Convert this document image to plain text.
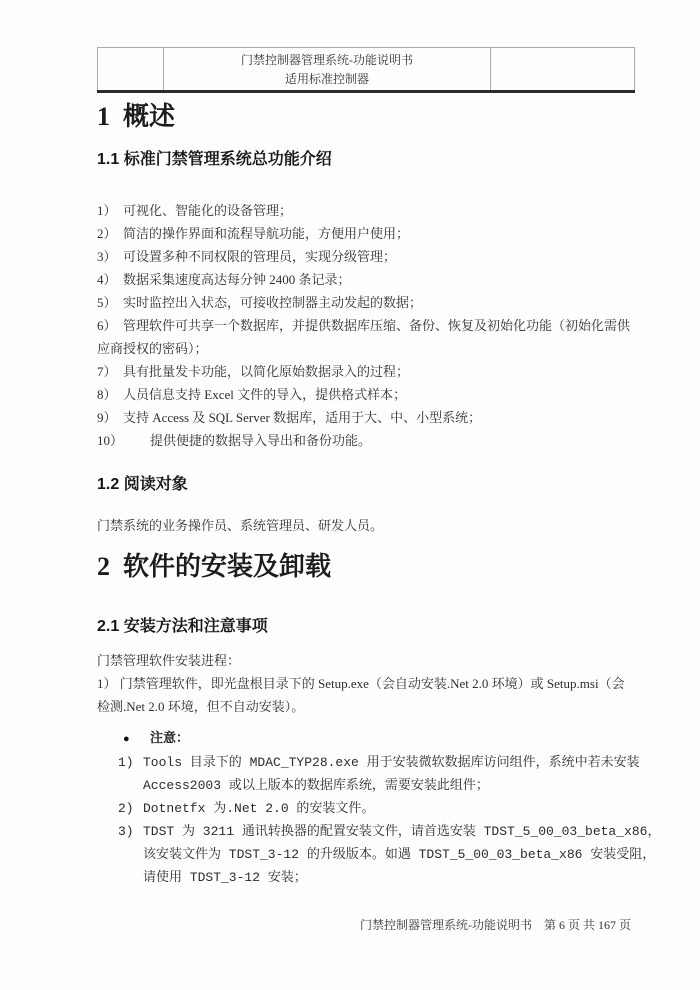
门禁控制器管理系统-功能说明书
适用标准控制器
1  概述
1.1 标准门禁管理系统总功能介绍
1） 可视化、智能化的设备管理；
2） 简洁的操作界面和流程导航功能，方便用户使用；
3） 可设置多种不同权限的管理员，实现分级管理；
4） 数据采集速度高达每分钟 2400 条记录；
5） 实时监控出入状态，可接收控制器主动发起的数据；
6） 管理软件可共享一个数据库，并提供数据库压缩、备份、恢复及初始化功能（初始化需供应商授权的密码）；
7） 具有批量发卡功能，以简化原始数据录入的过程；
8） 人员信息支持 Excel 文件的导入，提供格式样本；
9） 支持 Access 及 SQL Server 数据库，适用于大、中、小型系统；
10） 提供便捷的数据导入导出和备份功能。
1.2 阅读对象
门禁系统的业务操作员、系统管理员、研发人员。
2  软件的安装及卸载
2.1 安装方法和注意事项
门禁管理软件安装进程：
1） 门禁管理软件，即光盘根目录下的 Setup.exe（会自动安装.Net 2.0 环境）或 Setup.msi（会
检测.Net 2.0 环境，但不自动安装）。
● 注意：
1) Tools 目录下的 MDAC_TYP28.exe 用于安装微软数据库访问组件，系统中若未安装
Access2003 或以上版本的数据库系统，需要安装此组件；
2) Dotnetfx 为.Net 2.0 的安装文件。
3) TDST 为 3211 通讯转换器的配置安装文件，请首选安装 TDST_5_00_03_beta_x86，
该安装文件为 TDST_3-12 的升级版本。如遇 TDST_5_00_03_beta_x86 安装受阻，
请使用 TDST_3-12 安装；
门禁控制器管理系统-功能说明书　第 6 页 共 167 页
